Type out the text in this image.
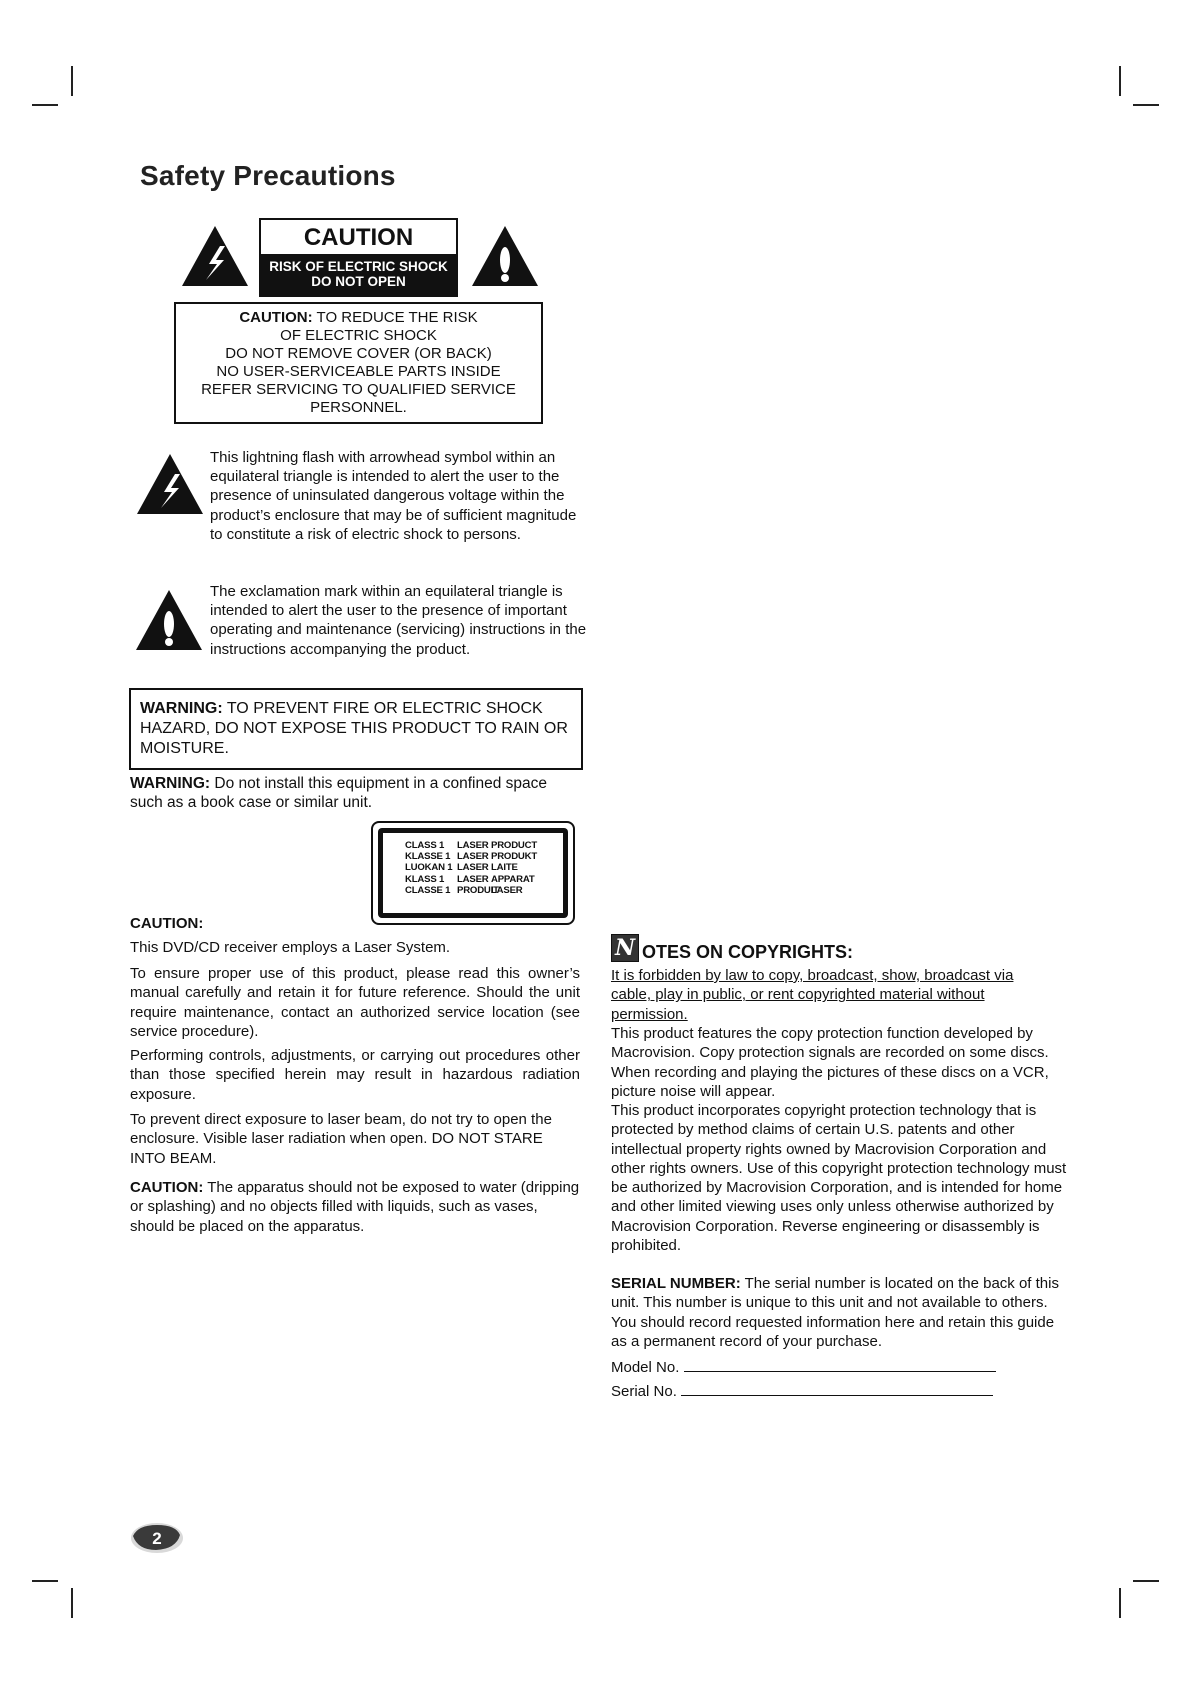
Safety Precautions
CAUTION
RISK OF ELECTRIC SHOCK
DO NOT OPEN
CAUTION: TO REDUCE THE RISK
OF ELECTRIC SHOCK
DO NOT REMOVE COVER (OR BACK)
NO USER-SERVICEABLE PARTS INSIDE
REFER SERVICING TO QUALIFIED SERVICE
PERSONNEL.
This lightning flash with arrowhead symbol within an equilateral triangle is intended to alert the user to the presence of uninsulated dangerous voltage within the product’s enclosure that may be of sufficient magnitude to constitute a risk of electric shock to persons.
The exclamation mark within an equilateral triangle is intended to alert the user to the presence of important operating and maintenance (servicing) instructions in the instructions accompanying the product.
WARNING: TO PREVENT FIRE OR ELECTRIC SHOCK HAZARD, DO NOT EXPOSE THIS PRODUCT TO RAIN OR MOISTURE.
WARNING: Do not install this equipment in a confined space such as a book case or similar unit.
CLASS 1	LASER PRODUCT
KLASSE 1 LASER PRODUKT
LUOKAN 1 LASER LAITE
KLASS 1	LASER APPARAT
CLASSE 1 PRODUIT
LASER
CAUTION:
This DVD/CD receiver employs a Laser System.
To ensure proper use of this product, please read this owner’s manual carefully and retain it for future reference. Should the unit require maintenance, contact an authorized service location (see service procedure).
Performing controls, adjustments, or carrying out procedures other than those specified herein may result in hazardous radiation exposure.
To prevent direct exposure to laser beam, do not try to open the enclosure. Visible laser radiation when open. DO NOT STARE INTO BEAM.
CAUTION: The apparatus should not be exposed to water (dripping or splashing) and no objects filled with liquids, such as vases, should be placed on the apparatus.
N OTES ON COPYRIGHTS:
It is forbidden by law to copy, broadcast, show, broadcast via cable, play in public, or rent copyrighted material without permission.
This product features the copy protection function developed by Macrovision. Copy protection signals are recorded on some discs. When recording and playing the pictures of these discs on a VCR, picture noise will appear.
This product incorporates copyright protection technology that is protected by method claims of certain U.S. patents and other intellectual property rights owned by Macrovision Corporation and other rights owners. Use of this copyright protection technology must be authorized by Macrovision Corporation, and is intended for home and other limited viewing uses only unless otherwise authorized by Macrovision Corporation. Reverse engineering or disassembly is prohibited.
SERIAL NUMBER: The serial number is located on the back of this unit. This number is unique to this unit and not available to others. You should record requested information here and retain this guide as a permanent record of your purchase.
Model No.
Serial No.
2
